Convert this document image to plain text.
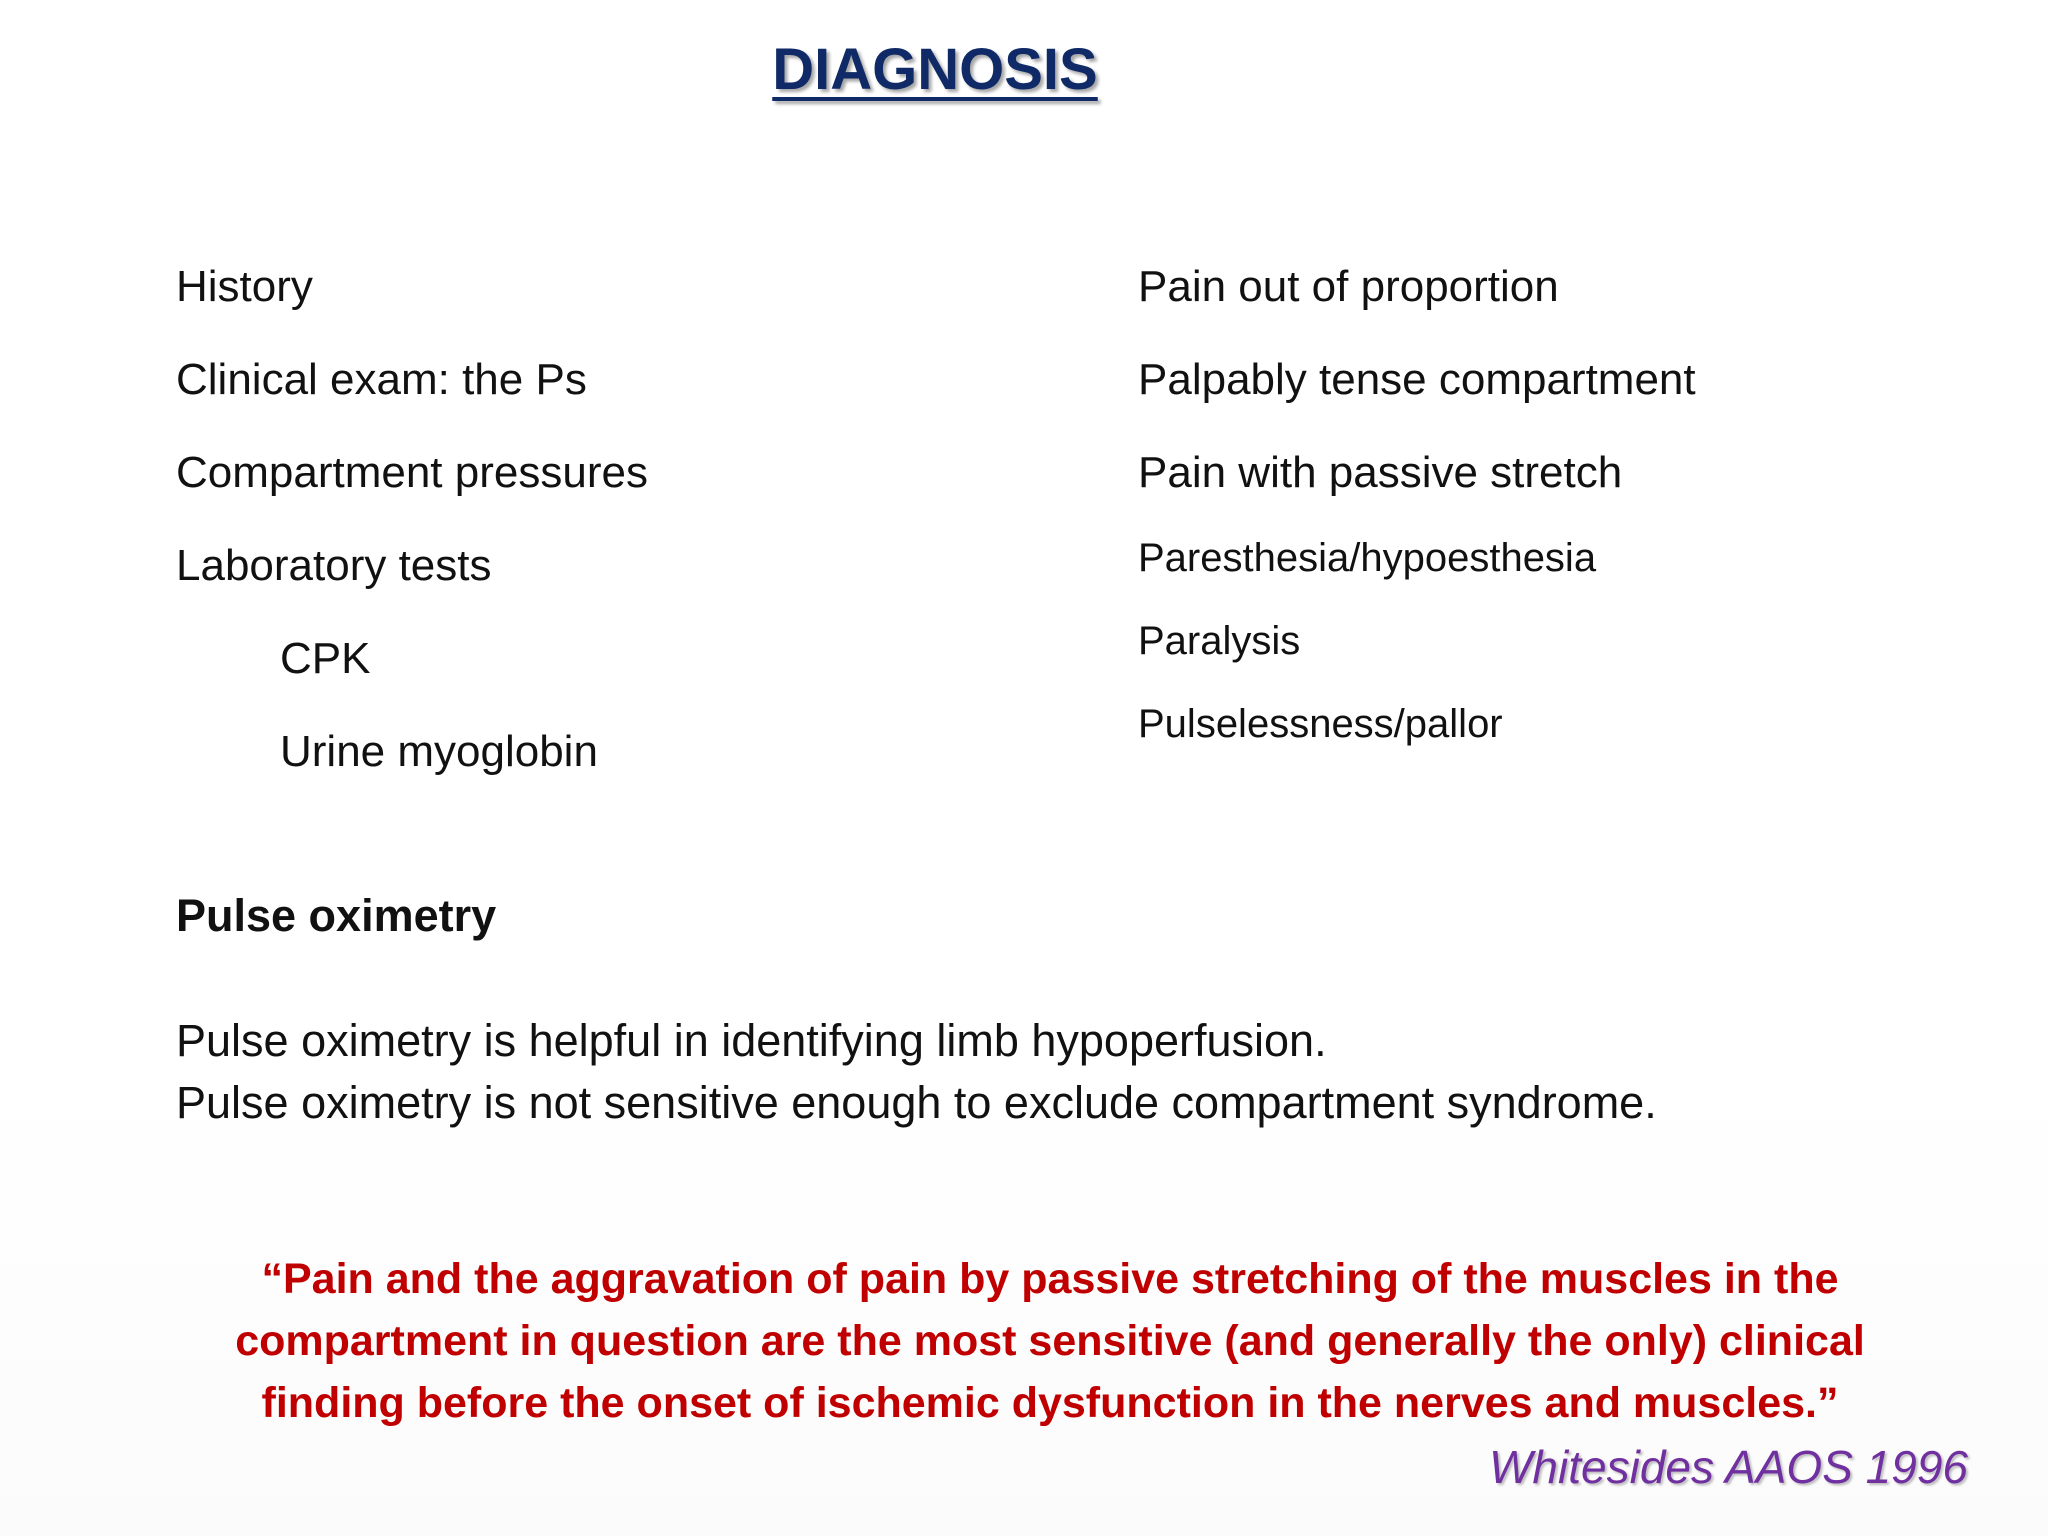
DIAGNOSIS
History
Clinical exam: the Ps
Compartment pressures
Laboratory tests
CPK
Urine myoglobin
Pain out of proportion
Palpably tense compartment
Pain with passive stretch
Paresthesia/hypoesthesia
Paralysis
Pulselessness/pallor
Pulse oximetry
Pulse oximetry is helpful in identifying limb hypoperfusion.
Pulse oximetry is not sensitive enough to exclude compartment syndrome.
“Pain and the aggravation of pain by passive stretching of the muscles in the
compartment in question are the most sensitive (and generally the only) clinical
finding before the onset of ischemic dysfunction in the nerves and muscles.”
Whitesides AAOS 1996
